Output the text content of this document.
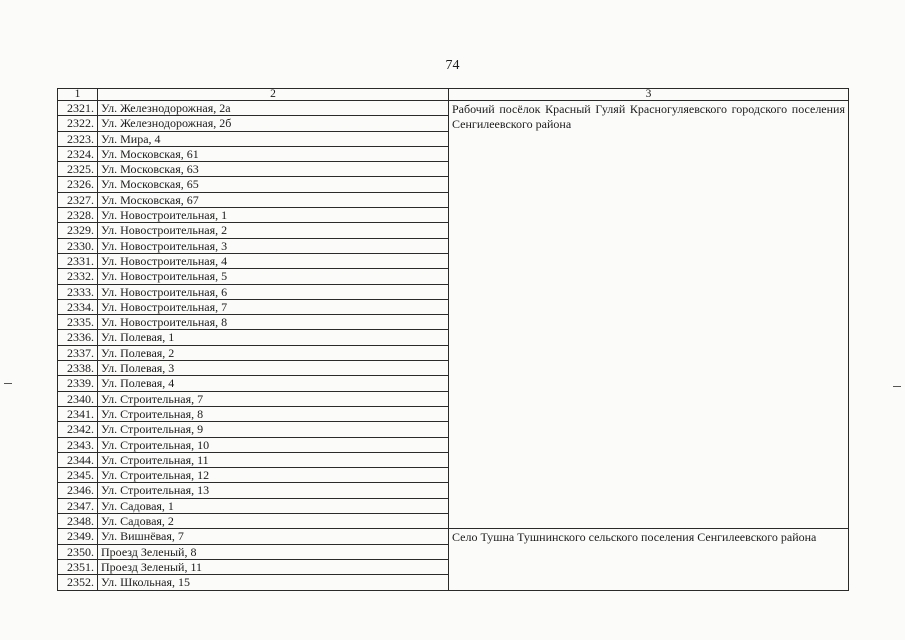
74
1	2	3
2321.	Ул. Железнодорожная, 2а	Рабочий посёлок Красный Гуляй Красногуляевского городского поселения Сенгилеевского района
2322.	Ул. Железнодорожная, 2б	
2323.	Ул. Мира, 4	
2324.	Ул. Московская, 61	
2325.	Ул. Московская, 63	
2326.	Ул. Московская, 65	
2327.	Ул. Московская, 67	
2328.	Ул. Новостроительная, 1	
2329.	Ул. Новостроительная, 2	
2330.	Ул. Новостроительная, 3	
2331.	Ул. Новостроительная, 4	
2332.	Ул. Новостроительная, 5	
2333.	Ул. Новостроительная, 6	
2334.	Ул. Новостроительная, 7	
2335.	Ул. Новостроительная, 8	
2336.	Ул. Полевая, 1	
2337.	Ул. Полевая, 2	
2338.	Ул. Полевая, 3	
2339.	Ул. Полевая, 4	
2340.	Ул. Строительная, 7	
2341.	Ул. Строительная, 8	
2342.	Ул. Строительная, 9	
2343.	Ул. Строительная, 10	
2344.	Ул. Строительная, 11	
2345.	Ул. Строительная, 12	
2346.	Ул. Строительная, 13	
2347.	Ул. Садовая, 1	
2348.	Ул. Садовая, 2	
2349.	Ул. Вишнёвая, 7	Село Тушна Тушнинского сельского поселения Сенгилеевского района
2350.	Проезд Зеленый, 8	
2351.	Проезд Зеленый, 11	
2352.	Ул. Школьная, 15	
